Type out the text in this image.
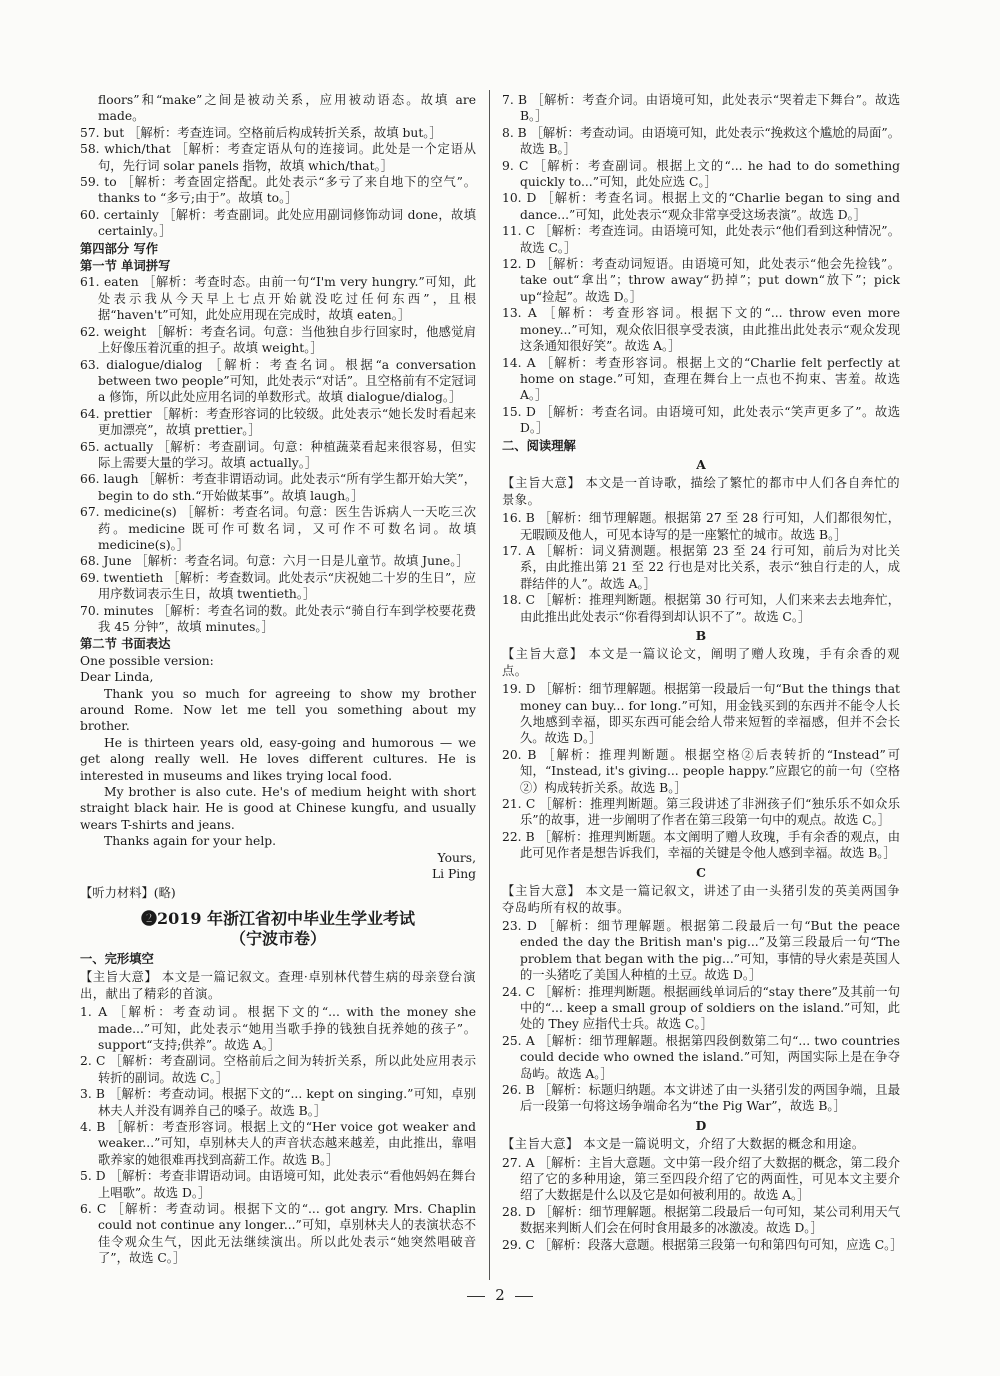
floors”和“make”之间是被动关系，应用被动语态。故填 are made。

57. but ［解析：考查连词。空格前后构成转折关系，故填 but。］

58. which/that ［解析：考查定语从句的连接词。此处是一个定语从句，先行词 solar panels 指物，故填 which/that。］

59. to ［解析：考查固定搭配。此处表示“多亏了来自地下的空气”。thanks to “多亏;由于”。故填 to。］

60. certainly ［解析：考查副词。此处应用副词修饰动词 done，故填 certainly。］

第四部分 写作

第一节 单词拼写

61. eaten ［解析：考查时态。由前一句“I'm very hungry.”可知，此处表示我从今天早上七点开始就没吃过任何东西”，且根据“haven't”可知，此处应用现在完成时，故填 eaten。］

62. weight ［解析：考查名词。句意：当他独自步行回家时，他感觉肩上好像压着沉重的担子。故填 weight。］

63. dialogue/dialog ［解析：考查名词。根据“a conversation between two people”可知，此处表示“对话”。且空格前有不定冠词 a 修饰，所以此处应用名词的单数形式。故填 dialogue/dialog。］

64. prettier ［解析：考查形容词的比较级。此处表示“她长发时看起来更加漂亮”，故填 prettier。］

65. actually ［解析：考查副词。句意：种植蔬菜看起来很容易，但实际上需要大量的学习。故填 actually。］

66. laugh ［解析：考查非谓语动词。此处表示“所有学生都开始大笑”，begin to do sth.“开始做某事”。故填 laugh。］

67. medicine(s) ［解析：考查名词。句意：医生告诉病人一天吃三次药。medicine 既可作可数名词，又可作不可数名词。故填 medicine(s)。］

68. June ［解析：考查名词。句意：六月一日是儿童节。故填 June。］

69. twentieth ［解析：考查数词。此处表示“庆祝她二十岁的生日”，应用序数词表示生日，故填 twentieth。］

70. minutes ［解析：考查名词的数。此处表示“骑自行车到学校要花费我 45 分钟”，故填 minutes。］

第二节 书面表达

One possible version:

Dear Linda,

Thank you so much for agreeing to show my brother around Rome. Now let me tell you something about my brother.

He is thirteen years old, easy-going and humorous — we get along really well. He loves different cultures. He is interested in museums and likes trying local food.

My brother is also cute. He's of medium height with short straight black hair. He is good at Chinese kungfu, and usually wears T-shirts and jeans.

Thanks again for your help.

Yours,

Li Ping

【听力材料】(略)

❷2019 年浙江省初中毕业生学业考试

（宁波市卷）

一、完形填空

【主旨大意】 本文是一篇记叙文。查理·卓别林代替生病的母亲登台演出，献出了精彩的首演。

1. A ［解析：考查动词。根据下文的“... with the money she made...”可知，此处表示“她用当歌手挣的钱独自抚养她的孩子”。support“支持;供养”。故选 A。］

2. C ［解析：考查副词。空格前后之间为转折关系，所以此处应用表示转折的副词。故选 C。］

3. B ［解析：考查动词。根据下文的“... kept on singing.”可知，卓别林夫人并没有调养自己的嗓子。故选 B。］

4. B ［解析：考查形容词。根据上文的“Her voice got weaker and weaker...”可知，卓别林夫人的声音状态越来越差，由此推出，靠唱歌养家的她很难再找到高薪工作。故选 B。］

5. D ［解析：考查非谓语动词。由语境可知，此处表示“看他妈妈在舞台上唱歌”。故选 D。］

6. C ［解析：考查动词。根据下文的“... got angry. Mrs. Chaplin could not continue any longer...”可知，卓别林夫人的表演状态不佳令观众生气，因此无法继续演出。所以此处表示“她突然唱破音了”，故选 C。］

7. B ［解析：考查介词。由语境可知，此处表示“哭着走下舞台”。故选 B。］

8. B ［解析：考查动词。由语境可知，此处表示“挽救这个尴尬的局面”。故选 B。］

9. C ［解析：考查副词。根据上文的“... he had to do something quickly to...”可知，此处应选 C。］

10. D ［解析：考查名词。根据上文的“Charlie began to sing and dance...”可知，此处表示“观众非常享受这场表演”。故选 D。］

11. C ［解析：考查连词。由语境可知，此处表示“他们看到这种情况”。故选 C。］

12. D ［解析：考查动词短语。由语境可知，此处表示“他会先捡钱”。take out“拿出”；throw away“扔掉”；put down“放下”；pick up“捡起”。故选 D。］

13. A ［解析：考查形容词。根据下文的“... throw even more money...”可知，观众依旧很享受表演，由此推出此处表示“观众发现这条通知很好笑”。故选 A。］

14. A ［解析：考查形容词。根据上文的“Charlie felt perfectly at home on stage.”可知，查理在舞台上一点也不拘束、害羞。故选 A。］

15. D ［解析：考查名词。由语境可知，此处表示“笑声更多了”。故选 D。］

二、阅读理解

A

【主旨大意】 本文是一首诗歌，描绘了繁忙的都市中人们各自奔忙的景象。

16. B ［解析：细节理解题。根据第 27 至 28 行可知，人们都很匆忙，无暇顾及他人，可见本诗写的是一座繁忙的城市。故选 B。］

17. A ［解析：词义猜测题。根据第 23 至 24 行可知，前后为对比关系，由此推出第 21 至 22 行也是对比关系，表示“独自行走的人，成群结伴的人”。故选 A。］

18. C ［解析：推理判断题。根据第 30 行可知，人们来来去去地奔忙，由此推出此处表示“你看得到却认识不了”。故选 C。］

B

【主旨大意】 本文是一篇议论文，阐明了赠人玫瑰，手有余香的观点。

19. D ［解析：细节理解题。根据第一段最后一句“But the things that money can buy... for long.”可知，用金钱买到的东西并不能令人长久地感到幸福，即买东西可能会给人带来短暂的幸福感，但并不会长久。故选 D。］

20. B ［解析：推理判断题。根据空格②后表转折的“Instead”可知，“Instead, it's giving... people happy.”应跟它的前一句（空格②）构成转折关系。故选 B。］

21. C ［解析：推理判断题。第三段讲述了非洲孩子们“独乐乐不如众乐乐”的故事，进一步阐明了作者在第三段第一句中的观点。故选 C。］

22. B ［解析：推理判断题。本文阐明了赠人玫瑰，手有余香的观点，由此可见作者是想告诉我们，幸福的关键是令他人感到幸福。故选 B。］

C

【主旨大意】 本文是一篇记叙文，讲述了由一头猪引发的英美两国争夺岛屿所有权的故事。

23. D ［解析：细节理解题。根据第二段最后一句“But the peace ended the day the British man's pig...”及第三段最后一句“The problem that began with the pig...”可知，事情的导火索是英国人的一头猪吃了美国人种植的土豆。故选 D。］

24. C ［解析：推理判断题。根据画线单词后的“stay there”及其前一句中的“... keep a small group of soldiers on the island.”可知，此处的 They 应指代士兵。故选 C。］

25. A ［解析：细节理解题。根据第四段倒数第二句“... two countries could decide who owned the island.”可知，两国实际上是在争夺岛屿。故选 A。］

26. B ［解析：标题归纳题。本文讲述了由一头猪引发的两国争端，且最后一段第一句将这场争端命名为“the Pig War”，故选 B。］

D

【主旨大意】 本文是一篇说明文，介绍了大数据的概念和用途。

27. A ［解析：主旨大意题。文中第一段介绍了大数据的概念，第二段介绍了它的多种用途，第三至四段介绍了它的两面性，可见本文主要介绍了大数据是什么以及它是如何被利用的。故选 A。］

28. D ［解析：细节理解题。根据第二段最后一句可知，某公司利用天气数据来判断人们会在何时食用最多的冰激凌。故选 D。］

29. C ［解析：段落大意题。根据第三段第一句和第四句可知，应选 C。］

2
